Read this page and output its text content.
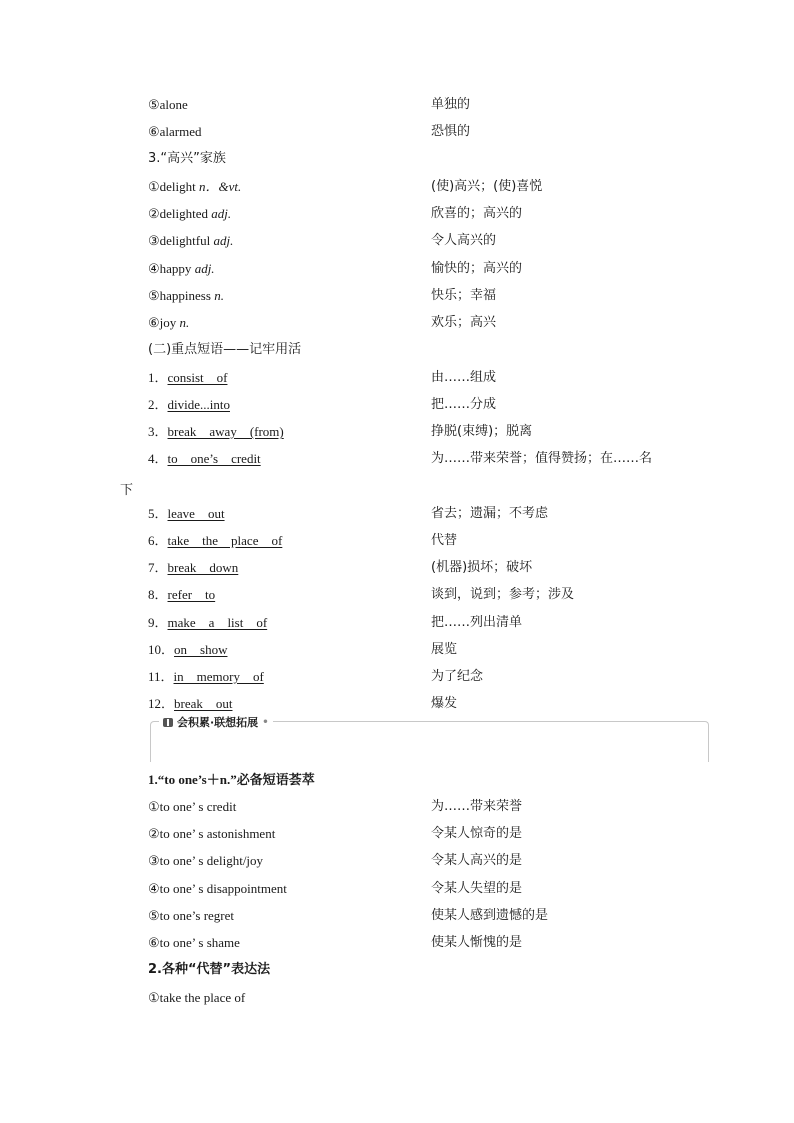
⑤alone	单独的
⑥alarmed	恐惧的
3.“高兴”家族
①delight n．&vt.	(使)高兴；(使)喜悦
②delighted adj.	欣喜的；高兴的
③delightful adj.	令人高兴的
④happy adj.	愉快的；高兴的
⑤happiness n.	快乐；幸福
⑥joy n.	欢乐；高兴
(二)重点短语——记牢用活
1．consist　of	由……组成
2．divide...into	把……分成
3．break　away　(from)	挣脱(束缚)；脱离
4．to　one’s　credit	为……带来荣誉；值得赞扬；在……名
下
5．leave　out	省去；遗漏；不考虑
6．take　the　place　of	代替
7．break　down	(机器)损坏；破坏
8．refer　to	谈到，说到；参考；涉及
9．make　a　list　of	把……列出清单
10．on　show	展览
11．in　memory　of	为了纪念
12．break　out	爆发
会积累·联想拓展 •
1.“to one’s＋n.”必备短语荟萃
①to one’ s credit	为……带来荣誉
②to one’ s astonishment	令某人惊奇的是
③to one’ s delight/joy	令某人高兴的是
④to one’ s disappointment	令某人失望的是
⑤to one’s regret	使某人感到遗憾的是
⑥to one’ s shame	使某人惭愧的是
2.各种“代替”表达法
①take the place of
